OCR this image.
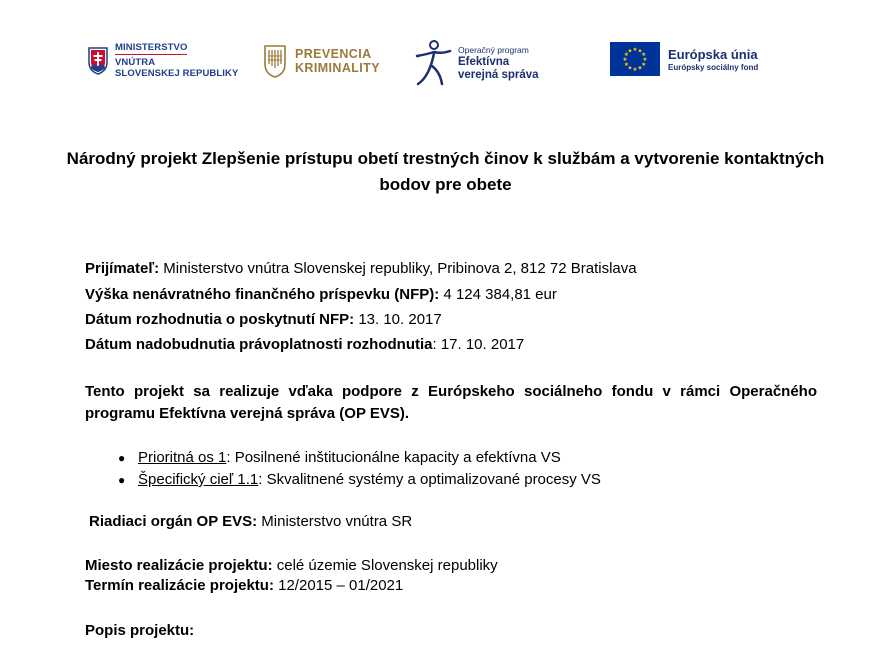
MINISTERSTVO
VNÚTRA
SLOVENSKEJ REPUBLIKY
PREVENCIA
KRIMINALITY
Operačný program
Efektívna
verejná správa
★ ★
★
★
★
★
★
★
★
★
★
★	Európska únia
Európsky sociálny fond
Národný projekt Zlepšenie prístupu obetí trestných činov k službám a vytvorenie kontaktných bodov pre obete
Prijímateľ: Ministerstvo vnútra Slovenskej republiky, Pribinova 2, 812 72 Bratislava
Výška nenávratného finančného príspevku (NFP): 4 124 384,81 eur
Dátum rozhodnutia o poskytnutí NFP: 13. 10. 2017
Dátum nadobudnutia právoplatnosti rozhodnutia: 17. 10. 2017
Tento projekt sa realizuje vďaka podpore z Európskeho sociálneho fondu v rámci Operačného programu Efektívna verejná správa (OP EVS).
● Prioritná os 1: Posilnené inštitucionálne kapacity a efektívna VS
● Špecifický cieľ 1.1: Skvalitnené systémy a optimalizované procesy VS
Riadiaci orgán OP EVS: Ministerstvo vnútra SR
Miesto realizácie projektu: celé územie Slovenskej republiky
Termín realizácie projektu: 12/2015 – 01/2021
Popis projektu:
